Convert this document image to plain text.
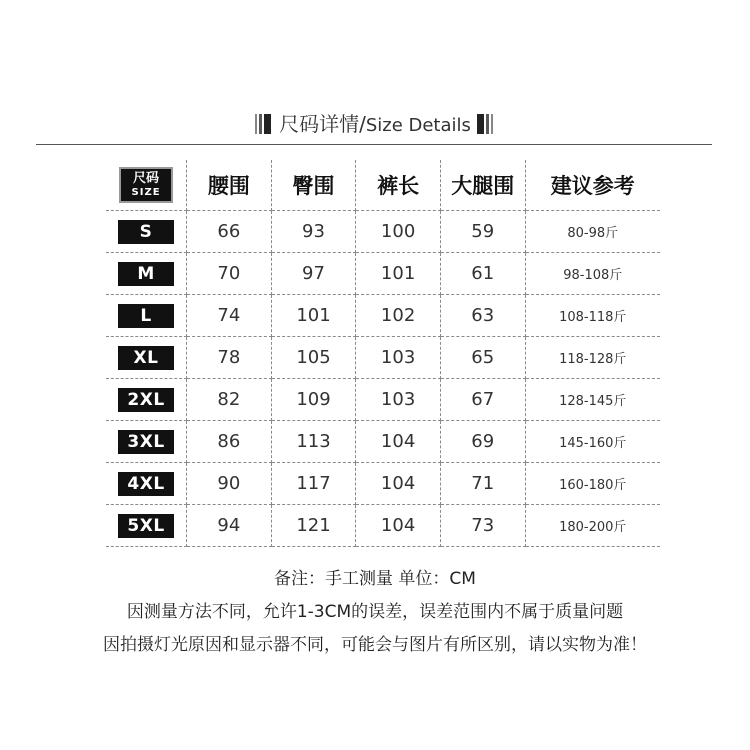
尺码详情/Size Details
尺码
SIZE	腰围	臀围	裤长	大腿围	建议参考
S	66	93	100	59	80-98斤
M	70	97	101	61	98-108斤
L	74	101	102	63	108-118斤
XL	78	105	103	65	118-128斤
2XL	82	109	103	67	128-145斤
3XL	86	113	104	69	145-160斤
4XL	90	117	104	71	160-180斤
5XL	94	121	104	73	180-200斤
备注：手工测量 单位：CM
因测量方法不同，允许1-3CM的误差，误差范围内不属于质量问题
因拍摄灯光原因和显示器不同，可能会与图片有所区别，请以实物为准！
